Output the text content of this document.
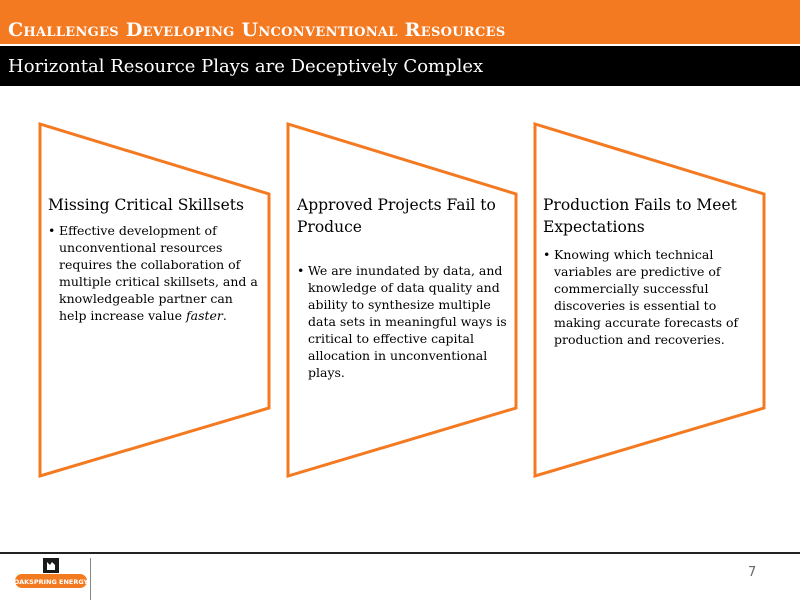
Challenges Developing Unconventional Resources
Horizontal Resource Plays are Deceptively Complex

Missing Critical Skillsets

• Effective development of unconventional resources requires the collaboration of multiple critical skillsets, and a knowledgeable partner can help increase value faster.

Approved Projects Fail to Produce

• We are inundated by data, and knowledge of data quality and ability to synthesize multiple data sets in meaningful ways is critical to effective capital allocation in unconventional plays.

Production Fails to Meet Expectations

• Knowing which technical variables are predictive of commercially successful discoveries is essential to making accurate forecasts of production and recoveries.

OAKSPRING ENERGY
7
